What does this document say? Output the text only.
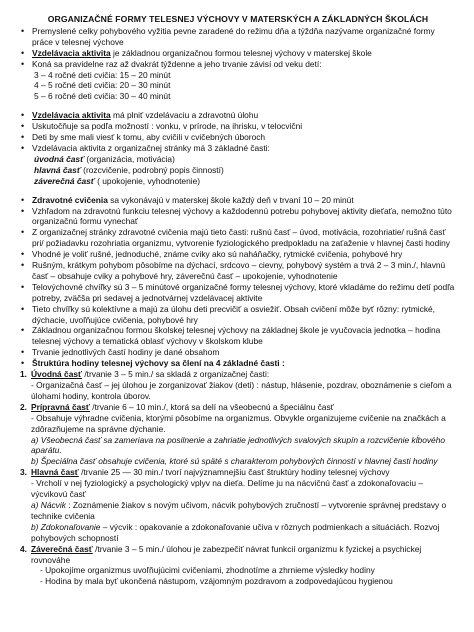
ORGANIZAČNÉ FORMY TELESNEJ VÝCHOVY V MATERSKÝCH A ZÁKLADNÝCH ŠKOLÁCH
• Premyslené celky pohybového vyžitia pevne zaradené do režimu dňa a týždňa nazývame organizačné formy práce v telesnej výchove
• Vzdelávacia aktivita je základnou organizačnou formou telesnej výchovy v materskej škole
• Koná sa pravidelne raz až dvakrát týždenne a jeho trvanie závisí od veku detí:
3 – 4 ročné deti cvičia: 15 – 20 minút
4 – 5 ročné deti cvičia: 20 – 30 minút
5 – 6 ročné deti cvičia: 30 – 40 minút
• Vzdelávacia aktivita má plniť vzdelávaciu a zdravotnú úlohu
• Uskutočňuje sa podľa možností : vonku, v prírode, na ihrisku, v telocvični
• Deti by sme mali viesť k tomu, aby cvičili v cvičebných úboroch
• Vzdelávacia aktivita z organizačnej stránky má 3 základné časti:
úvodná časť (organizácia, motivácia)
hlavná časť (rozcvičenie, podrobný popis činností)
záverečná časť ( upokojenie, vyhodnotenie)
• Zdravotné cvičenia sa vykonávajú v materskej škole každý deň v trvaní 10 – 20 minút
• Vzhľadom na zdravotnú funkciu telesnej výchovy a každodennú potrebu pohybovej aktivity dieťaťa, nemožno túto organizačnú formu vynechať
• Z organizačnej stránky zdravotné cvičenia majú tieto časti: rušnú časť – úvod, motivácia, rozohriatie/ rušná časť pri/ požiadavku rozohriatia organizmu, vytvorenie fyziologického predpokladu na zaťaženie v hlavnej časti hodiny
• Vhodné je voliť rušné, jednoduché, známe cviky ako sú naháňačky, rytmické cvičenia, pohybové hry
• Rušným, krátkym pohybom pôsobíme na dýchací, srdcovo – cievny, pohybový systém a trvá 2 – 3 min./, hlavnú časť – obsahuje cviky a pohybové hry, záverečnú časť – upokojenie, vyhodnotenie
• Telovýchovné chvíľky sú 3 – 5 minútové organizačné formy telesnej výchovy, ktoré vkladáme do režimu detí podľa potreby, zväčša pri sedavej a jednotvárnej vzdelávacej aktivite
• Tieto chvíľky sú kolektívne a majú za úlohu deti precvičiť a osviežiť. Obsah cvičení môže byť rôzny: rytmické, dýchacie, uvoľňujúce cvičenia, pohybové hry
• Základnou organizačnou formou školskej telesnej výchovy na základnej škole je vyučovacia jednotka – hodina telesnej výchovy a tematická oblasť výchovy v školskom klube
• Trvanie jednotlivých častí hodiny je dané obsahom
• Štruktúra hodiny telesnej výchovy sa člení na 4 základné časti :
1. Úvodná časť /trvanie 3 – 5 min./ sa skladá z organizačnej časti:
- Organizačná časť – jej úlohou je zorganizovať žiakov (deti) : nástup, hlásenie, pozdrav, oboznámenie s cieľom a úlohami hodiny, kontrola úborov.
2. Prípravná časť /trvanie 6 – 10 min./, ktorá sa delí na všeobecnú a špeciálnu časť
- Obsahuje výhradne cvičenia, ktorými pôsobíme na organizmus. Obvykle organizujeme cvičenie na značkách a zdôrazňujeme na správne dýchanie.
a) Všeobecná časť sa zameriava na posilnenie a zahriatie jednotlivých svalových skupín a rozcvičenie kĺbového aparátu.
b) Špeciálna časť obsahuje cvičenia, ktoré sú späté s charakterom pohybových činností v hlavnej časti hodiny
3. Hlavná časť /trvanie 25 — 30 min./ tvorí najvýznamnejšiu časť štruktúry hodiny telesnej výchovy
- Vrcholí v nej fyziologický a psychologický vplyv na dieťa. Delíme ju na nácvičnú časť a zdokonaľovaciu – výcvikovú časť
a) Nácvik : Zoznámenie žiakov s novým učivom, nácvik pohybových zručností – vytvorenie správnej predstavy o technike cvičenia
b) Zdokonaľovanie – výcvik : opakovanie a zdokonaľovanie učiva v rôznych podmienkach a situáciách. Rozvoj pohybových schopností
4. Záverečná časť /trvanie 3 – 5 min./ úlohou je zabezpečiť návrat funkcií organizmu k fyzickej a psychickej rovnováhe
- Upokojíme organizmus uvoľňujúcimi cvičeniami, zhodnotíme a zhrnieme výsledky hodiny
- Hodina by mala byť ukončená nástupom, vzájomným pozdravom a zodpovedajúcou hygienou
